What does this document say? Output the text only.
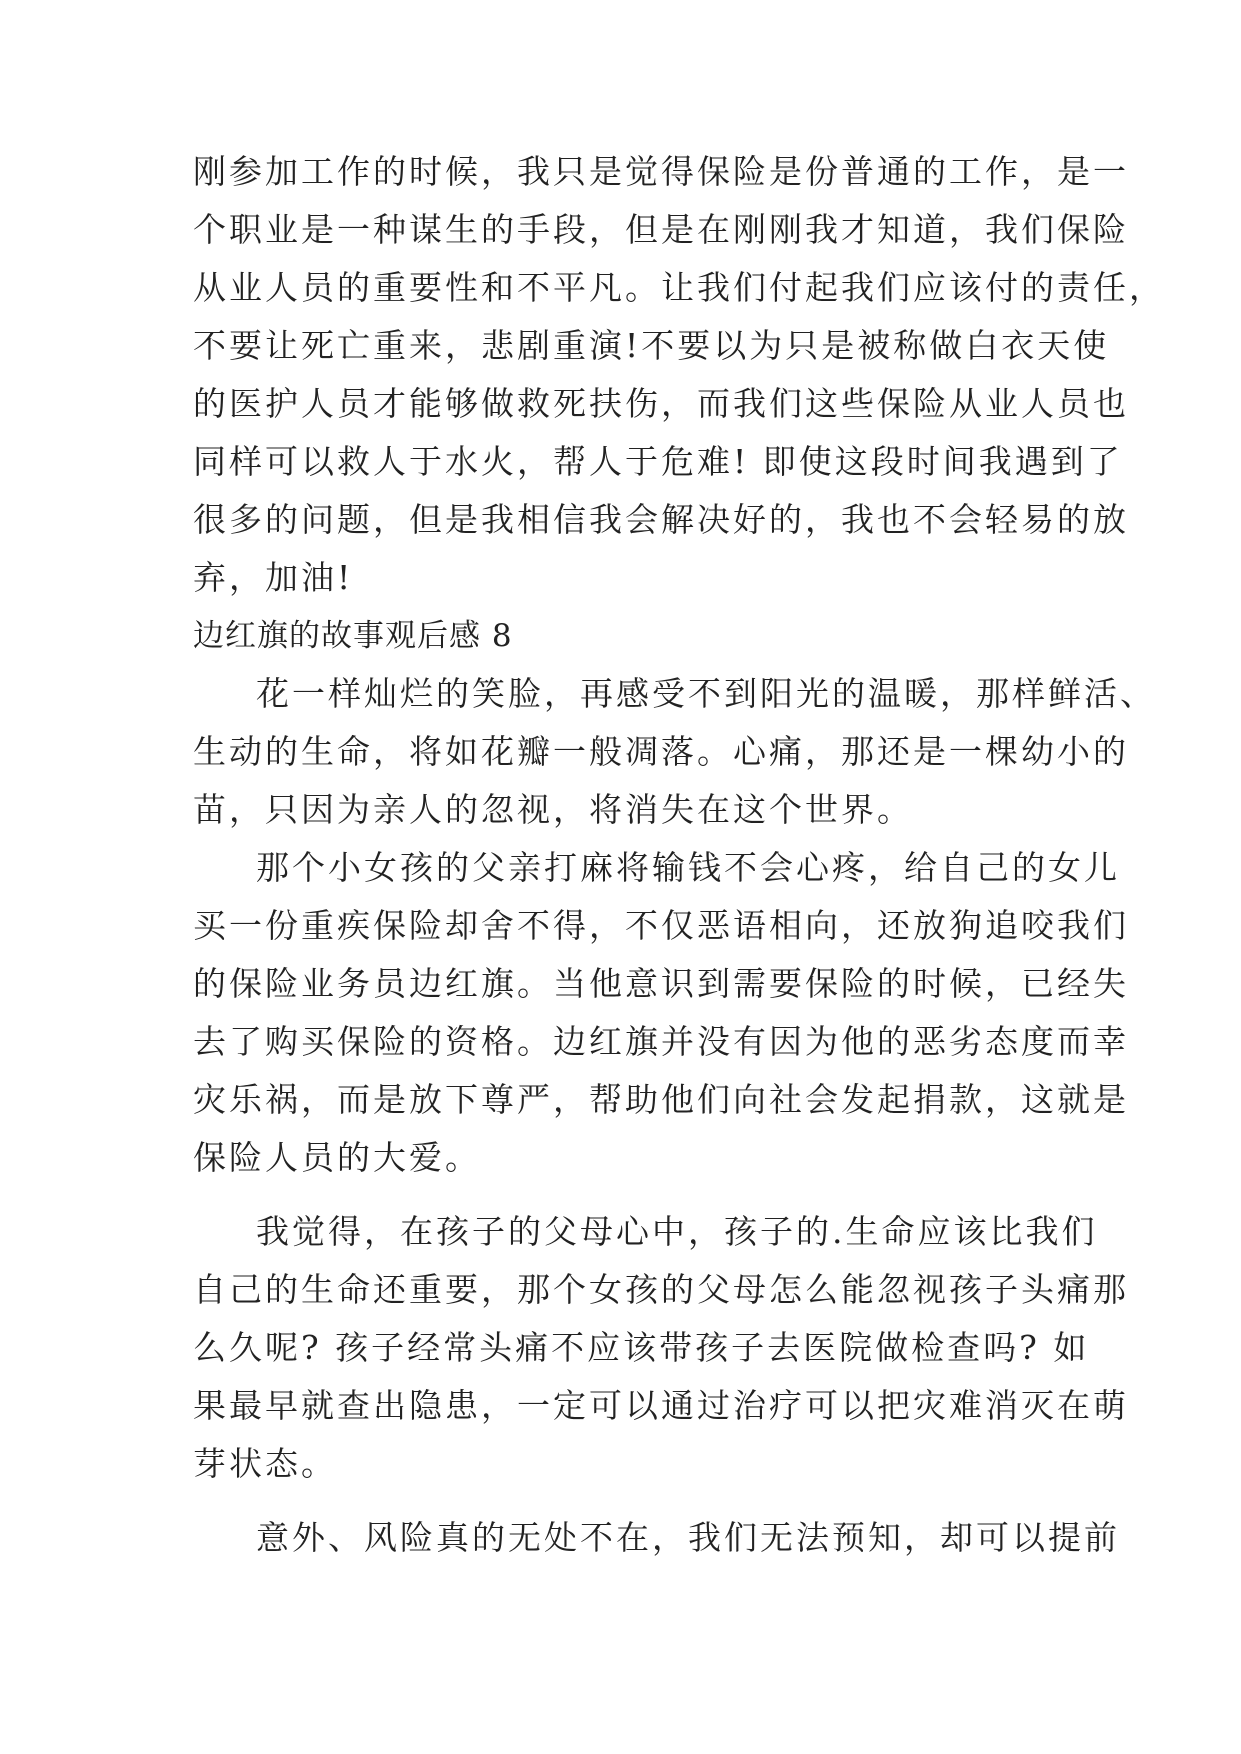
刚参加工作的时候，我只是觉得保险是份普通的工作，是一
个职业是一种谋生的手段，但是在刚刚我才知道，我们保险
从业人员的重要性和不平凡。让我们付起我们应该付的责任，
不要让死亡重来，悲剧重演!不要以为只是被称做白衣天使
的医护人员才能够做救死扶伤，而我们这些保险从业人员也
同样可以救人于水火，帮人于危难! 即使这段时间我遇到了
很多的问题，但是我相信我会解决好的，我也不会轻易的放
弃，加油!
边红旗的故事观后感 8
花一样灿烂的笑脸，再感受不到阳光的温暖，那样鲜活、
生动的生命，将如花瓣一般凋落。心痛，那还是一棵幼小的
苗，只因为亲人的忽视，将消失在这个世界。
那个小女孩的父亲打麻将输钱不会心疼，给自己的女儿
买一份重疾保险却舍不得，不仅恶语相向，还放狗追咬我们
的保险业务员边红旗。当他意识到需要保险的时候，已经失
去了购买保险的资格。边红旗并没有因为他的恶劣态度而幸
灾乐祸，而是放下尊严，帮助他们向社会发起捐款，这就是
保险人员的大爱。
我觉得，在孩子的父母心中，孩子的.生命应该比我们
自己的生命还重要，那个女孩的父母怎么能忽视孩子头痛那
么久呢? 孩子经常头痛不应该带孩子去医院做检查吗? 如
果最早就查出隐患，一定可以通过治疗可以把灾难消灭在萌
芽状态。
意外、风险真的无处不在，我们无法预知，却可以提前
